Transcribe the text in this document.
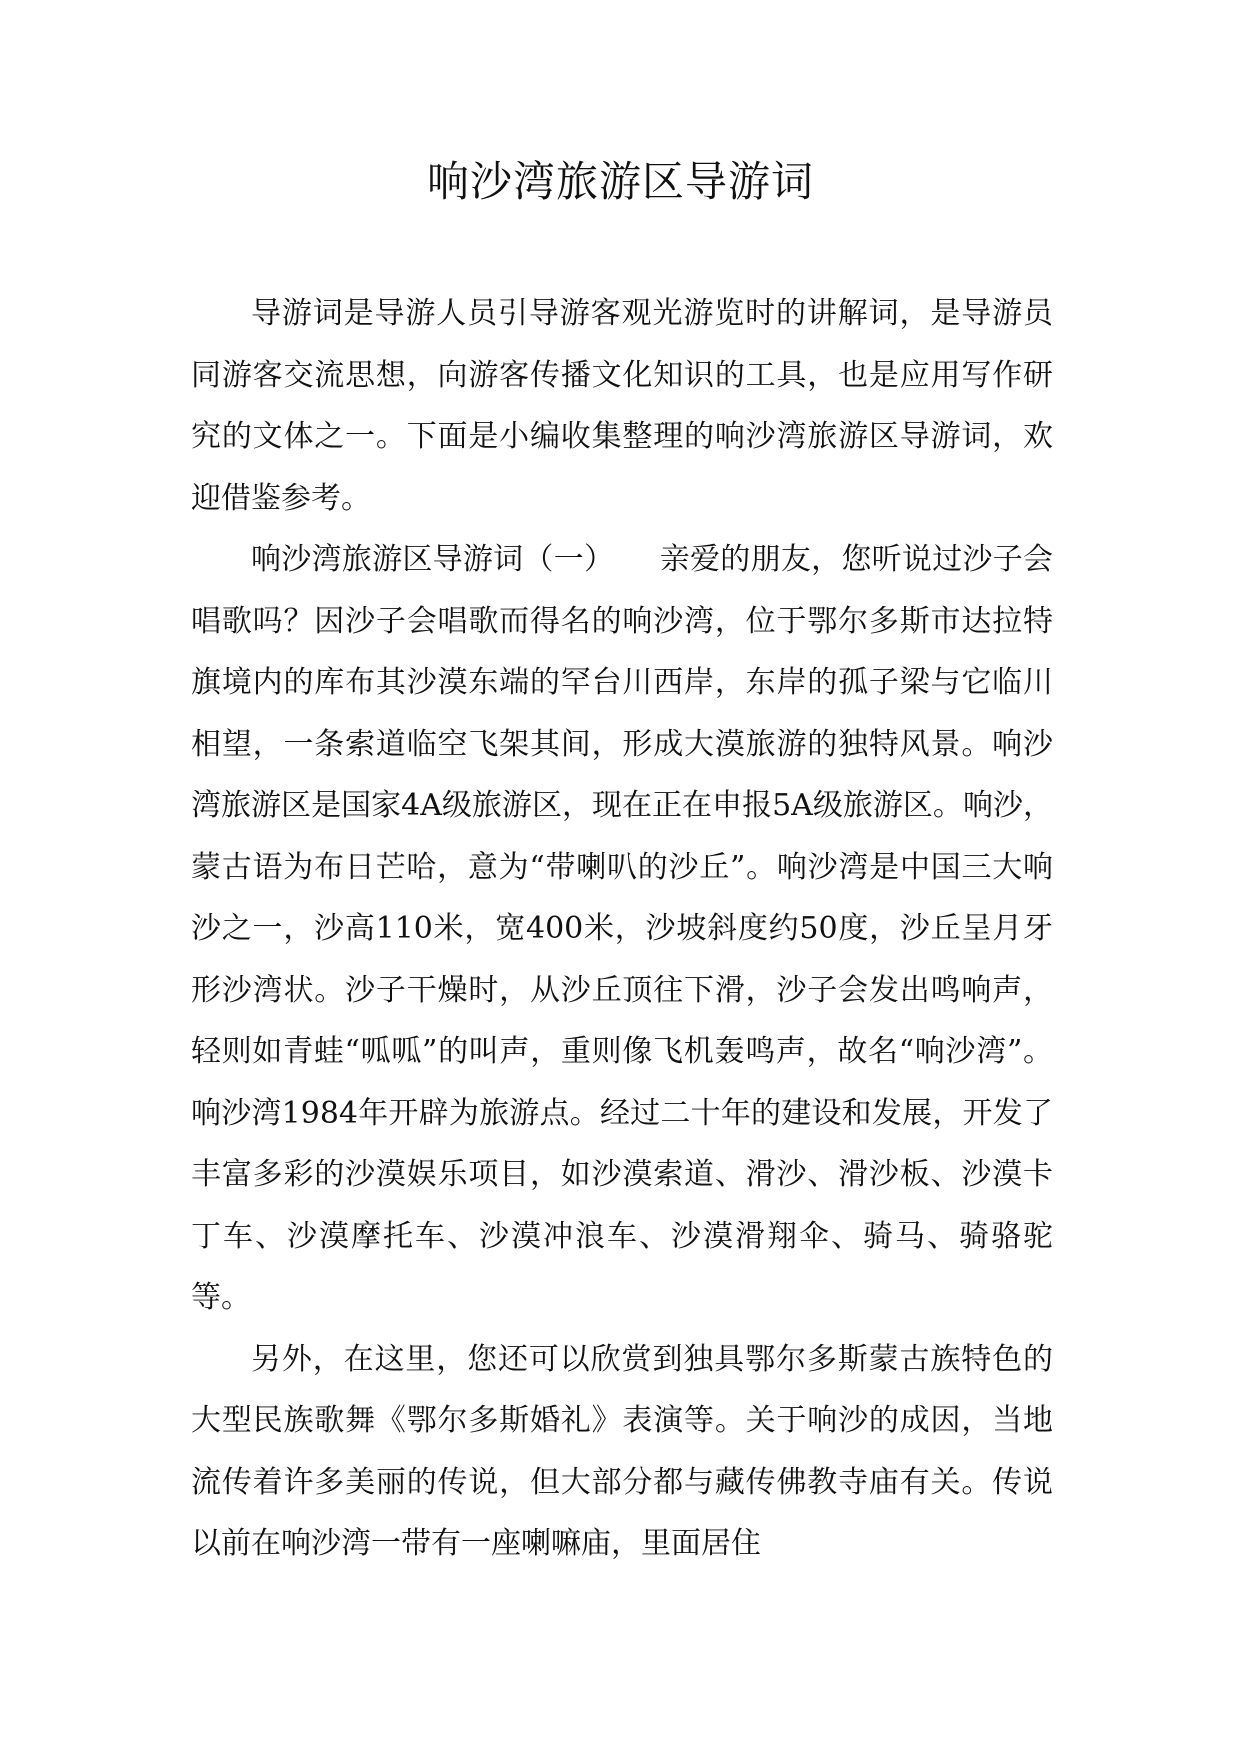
响沙湾旅游区导游词

导游词是导游人员引导游客观光游览时的讲解词，是导游员同游客交流思想，向游客传播文化知识的工具，也是应用写作研究的文体之一。下面是小编收集整理的响沙湾旅游区导游词，欢迎借鉴参考。

响沙湾旅游区导游词（一）　　亲爱的朋友，您听说过沙子会唱歌吗？因沙子会唱歌而得名的响沙湾，位于鄂尔多斯市达拉特旗境内的库布其沙漠东端的罕台川西岸，东岸的孤子梁与它临川相望，一条索道临空飞架其间，形成大漠旅游的独特风景。响沙湾旅游区是国家4A级旅游区，现在正在申报5A级旅游区。响沙，蒙古语为布日芒哈，意为“带喇叭的沙丘”。响沙湾是中国三大响沙之一，沙高110米，宽400米，沙坡斜度约50度，沙丘呈月牙形沙湾状。沙子干燥时，从沙丘顶往下滑，沙子会发出鸣响声，轻则如青蛙“呱呱”的叫声，重则像飞机轰鸣声，故名“响沙湾”。响沙湾1984年开辟为旅游点。经过二十年的建设和发展，开发了丰富多彩的沙漠娱乐项目，如沙漠索道、滑沙、滑沙板、沙漠卡丁车、沙漠摩托车、沙漠冲浪车、沙漠滑翔伞、骑马、骑骆驼等。

另外，在这里，您还可以欣赏到独具鄂尔多斯蒙古族特色的大型民族歌舞《鄂尔多斯婚礼》表演等。关于响沙的成因，当地流传着许多美丽的传说，但大部分都与藏传佛教寺庙有关。传说以前在响沙湾一带有一座喇嘛庙，里面居住
